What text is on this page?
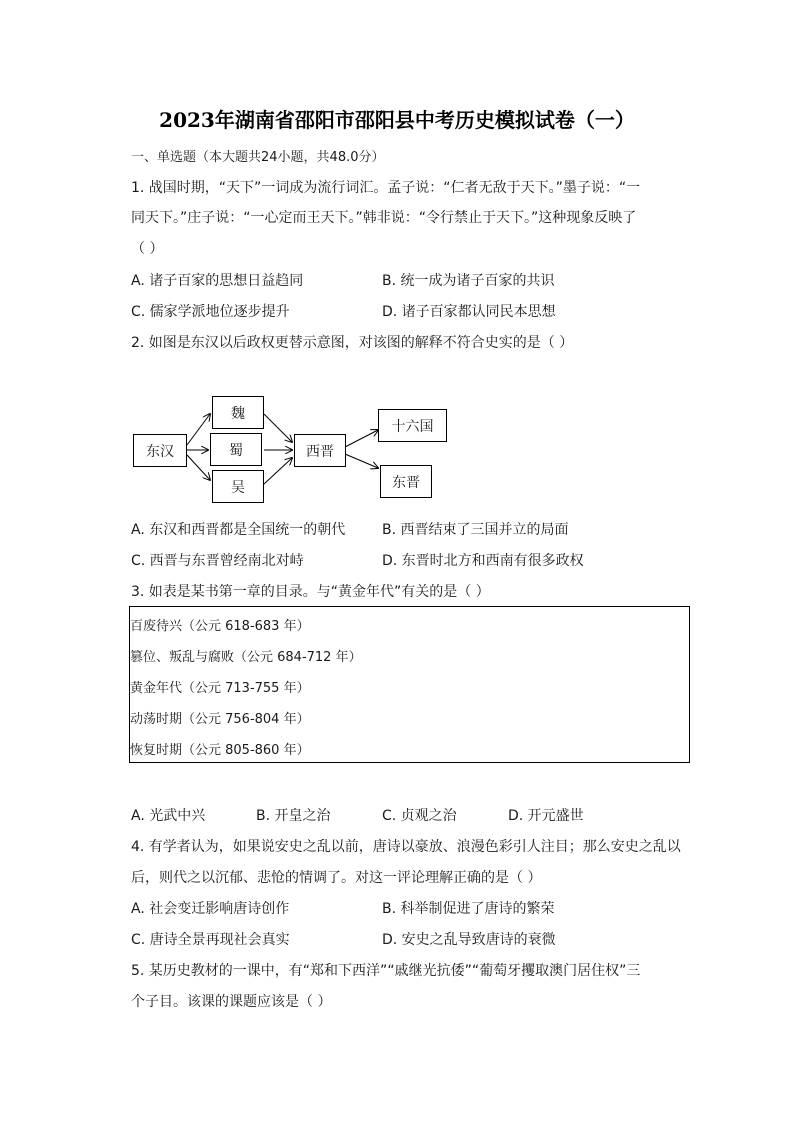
2023年湖南省邵阳市邵阳县中考历史模拟试卷（一）
一、单选题（本大题共24小题，共48.0分）
1. 战国时期，“天下”一词成为流行词汇。孟子说：“仁者无敌于天下。”墨子说：“一
同天下。”庄子说：“一心定而王天下。”韩非说：“令行禁止于天下。”这种现象反映了
（ ）
A. 诸子百家的思想日益趋同	B. 统一成为诸子百家的共识
C. 儒家学派地位逐步提升	D. 诸子百家都认同民本思想
2. 如图是东汉以后政权更替示意图，对该图的解释不符合史实的是（ ）
东汉
魏
蜀
吴
西晋
十六国
东晋
A. 东汉和西晋都是全国统一的朝代	B. 西晋结束了三国并立的局面
C. 西晋与东晋曾经南北对峙	D. 东晋时北方和西南有很多政权
3. 如表是某书第一章的目录。与“黄金年代”有关的是（ ）
百废待兴（公元 618-683 年）
篡位、叛乱与腐败（公元 684-712 年）
黄金年代（公元 713-755 年）
动荡时期（公元 756-804 年）
恢复时期（公元 805-860 年）
A. 光武中兴	B. 开皇之治	C. 贞观之治	D. 开元盛世
4. 有学者认为，如果说安史之乱以前，唐诗以豪放、浪漫色彩引人注目；那么安史之乱以
后，则代之以沉郁、悲怆的情调了。对这一评论理解正确的是（ ）
A. 社会变迁影响唐诗创作	B. 科举制促进了唐诗的繁荣
C. 唐诗全景再现社会真实	D. 安史之乱导致唐诗的衰微
5. 某历史教材的一课中，有“郑和下西洋”“戚继光抗倭”“葡萄牙攫取澳门居住权”三
个子目。该课的课题应该是（ ）
